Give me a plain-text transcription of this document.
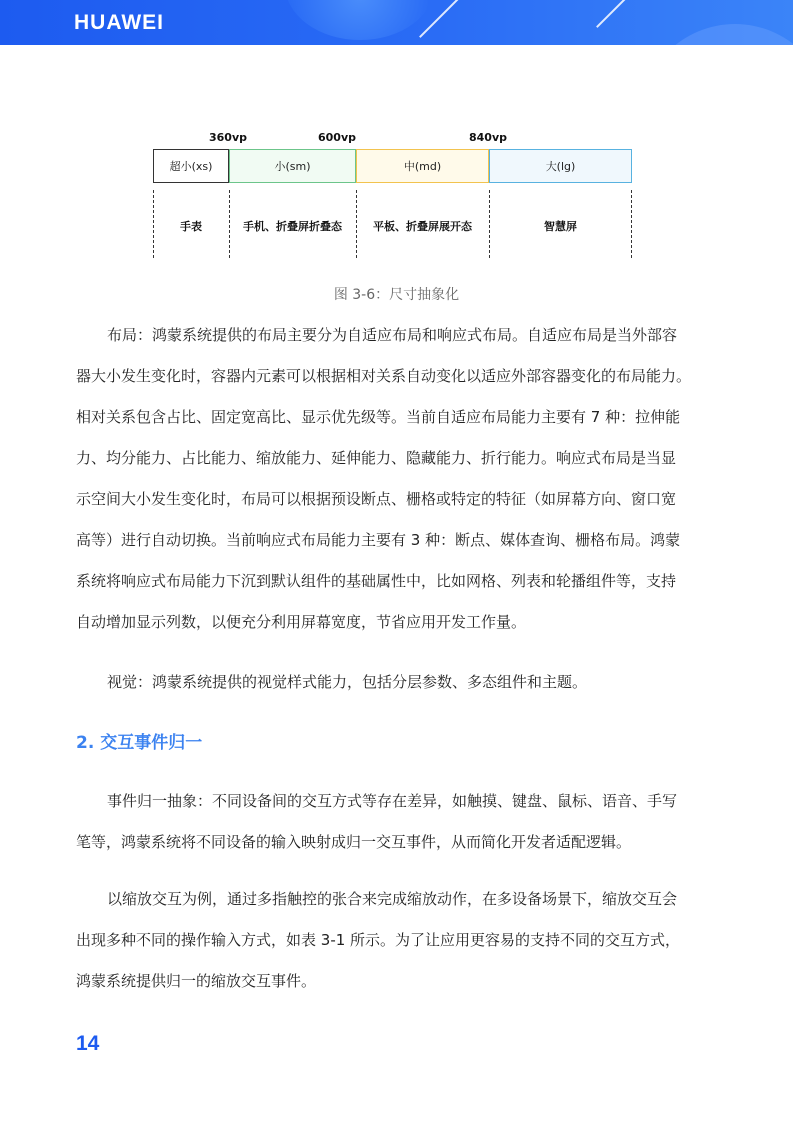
HUAWEI
360vp	600vp	840vp
超小(xs)	小(sm)	中(md)	大(lg)
手表	手机、折叠屏折叠态	平板、折叠屏展开态	智慧屏
图 3-6：尺寸抽象化
布局：鸿蒙系统提供的布局主要分为自适应布局和响应式布局。自适应布局是当外部容
器大小发生变化时，容器内元素可以根据相对关系自动变化以适应外部容器变化的布局能力。
相对关系包含占比、固定宽高比、显示优先级等。当前自适应布局能力主要有 7 种：拉伸能
力、均分能力、占比能力、缩放能力、延伸能力、隐藏能力、折行能力。响应式布局是当显
示空间大小发生变化时，布局可以根据预设断点、栅格或特定的特征（如屏幕方向、窗口宽
高等）进行自动切换。当前响应式布局能力主要有 3 种：断点、媒体查询、栅格布局。鸿蒙
系统将响应式布局能力下沉到默认组件的基础属性中，比如网格、列表和轮播组件等，支持
自动增加显示列数，以便充分利用屏幕宽度，节省应用开发工作量。
视觉：鸿蒙系统提供的视觉样式能力，包括分层参数、多态组件和主题。
2. 交互事件归一
事件归一抽象：不同设备间的交互方式等存在差异，如触摸、键盘、鼠标、语音、手写
笔等，鸿蒙系统将不同设备的输入映射成归一交互事件，从而简化开发者适配逻辑。
以缩放交互为例，通过多指触控的张合来完成缩放动作，在多设备场景下，缩放交互会
出现多种不同的操作输入方式，如表 3-1 所示。为了让应用更容易的支持不同的交互方式，
鸿蒙系统提供归一的缩放交互事件。
14
